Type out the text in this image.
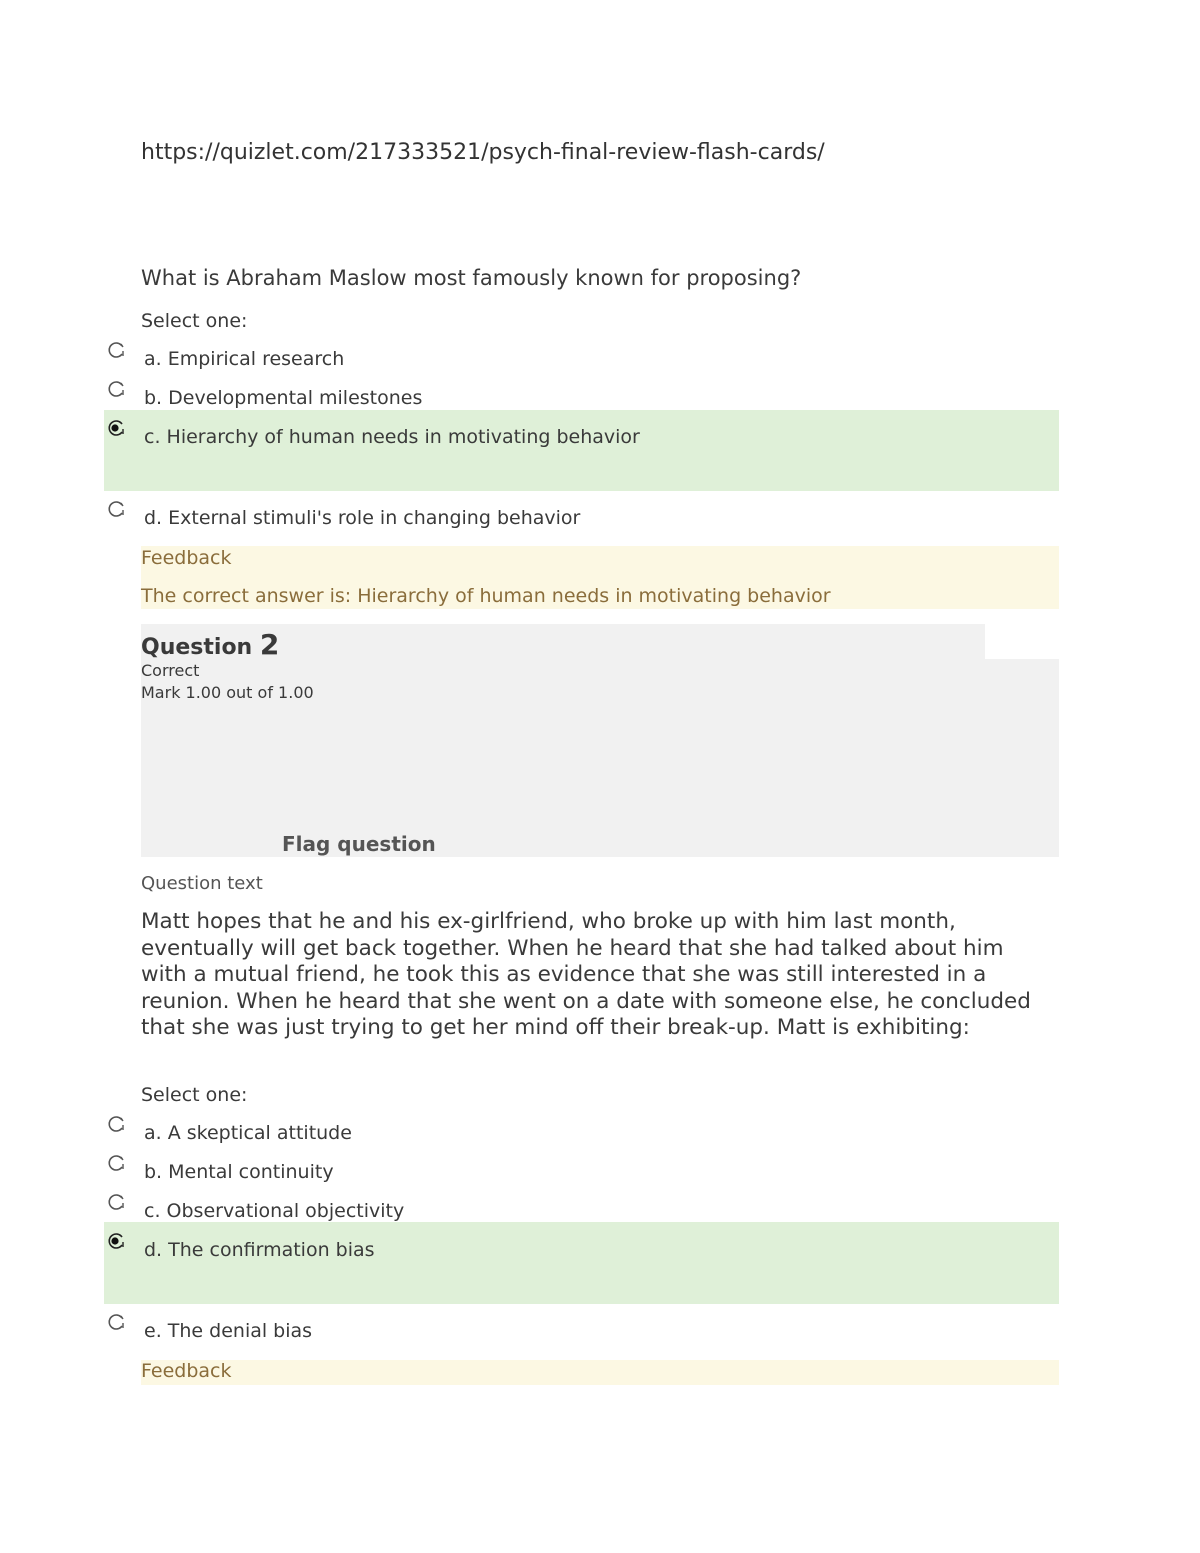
https://quizlet.com/217333521/psych-final-review-flash-cards/
What is Abraham Maslow most famously known for proposing?
Select one:
a. Empirical research
b. Developmental milestones
c. Hierarchy of human needs in motivating behavior
d. External stimuli's role in changing behavior
Feedback
The correct answer is: Hierarchy of human needs in motivating behavior
Question 2
Correct
Mark 1.00 out of 1.00
Flag question
Question text
Matt hopes that he and his ex-girlfriend, who broke up with him last month, eventually will get back together. When he heard that she had talked about him with a mutual friend, he took this as evidence that she was still interested in a reunion. When he heard that she went on a date with someone else, he concluded that she was just trying to get her mind off their break-up. Matt is exhibiting:
Select one:
a. A skeptical attitude
b. Mental continuity
c. Observational objectivity
d. The confirmation bias
e. The denial bias
Feedback
